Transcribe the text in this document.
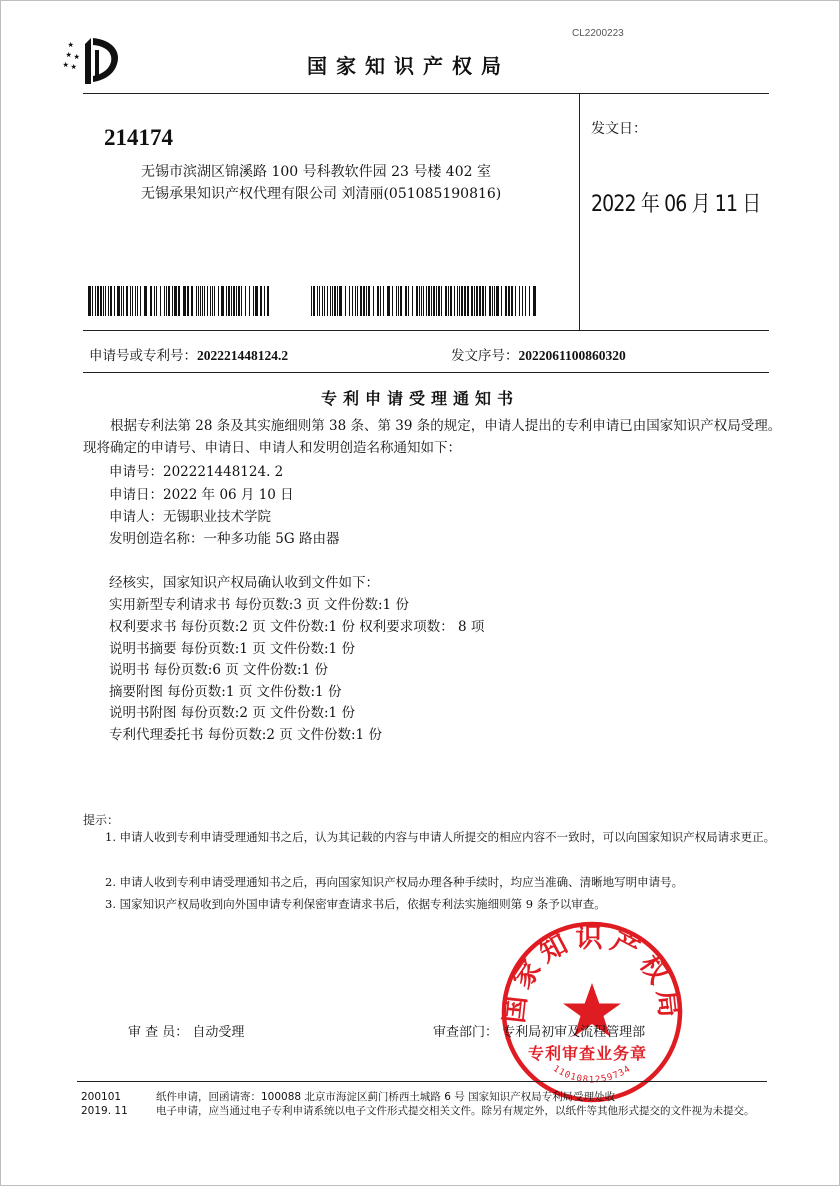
CL2200223
国家知识产权局
214174
无锡市滨湖区锦溪路 100 号科教软件园 23 号楼 402 室
无锡承果知识产权代理有限公司 刘清丽(051085190816)
发文日：
2022 年 06 月 11 日
申请号或专利号：202221448124.2	发文序号：2022061100860320
专利申请受理通知书
根据专利法第 28 条及其实施细则第 38 条、第 39 条的规定，申请人提出的专利申请已由国家知识产权局受理。现将确定的申请号、申请日、申请人和发明创造名称通知如下：
申请号：202221448124. 2
申请日：2022 年 06 月 10 日
申请人：无锡职业技术学院
发明创造名称：一种多功能 5G 路由器
经核实，国家知识产权局确认收到文件如下：
实用新型专利请求书 每份页数:3 页 文件份数:1 份
权利要求书 每份页数:2 页 文件份数:1 份 权利要求项数： 8 项
说明书摘要 每份页数:1 页 文件份数:1 份
说明书 每份页数:6 页 文件份数:1 份
摘要附图 每份页数:1 页 文件份数:1 份
说明书附图 每份页数:2 页 文件份数:1 份
专利代理委托书 每份页数:2 页 文件份数:1 份
提示：
1. 申请人收到专利申请受理通知书之后，认为其记载的内容与申请人所提交的相应内容不一致时，可以向国家知识产权局请求更正。
2. 申请人收到专利申请受理通知书之后，再向国家知识产权局办理各种手续时，均应当准确、清晰地写明申请号。
3. 国家知识产权局收到向外国申请专利保密审查请求书后，依据专利法实施细则第 9 条予以审查。
国家知识产权局
1101081259734
审 查 员： 自动受理	审查部门： 专利局初审及流程管理部
专利审查业务章
200101	纸件申请，回函请寄：100088 北京市海淀区蓟门桥西土城路 6 号 国家知识产权局专利局受理处收
2019. 11	电子申请，应当通过电子专利申请系统以电子文件形式提交相关文件。除另有规定外，以纸件等其他形式提交的文件视为未提交。
